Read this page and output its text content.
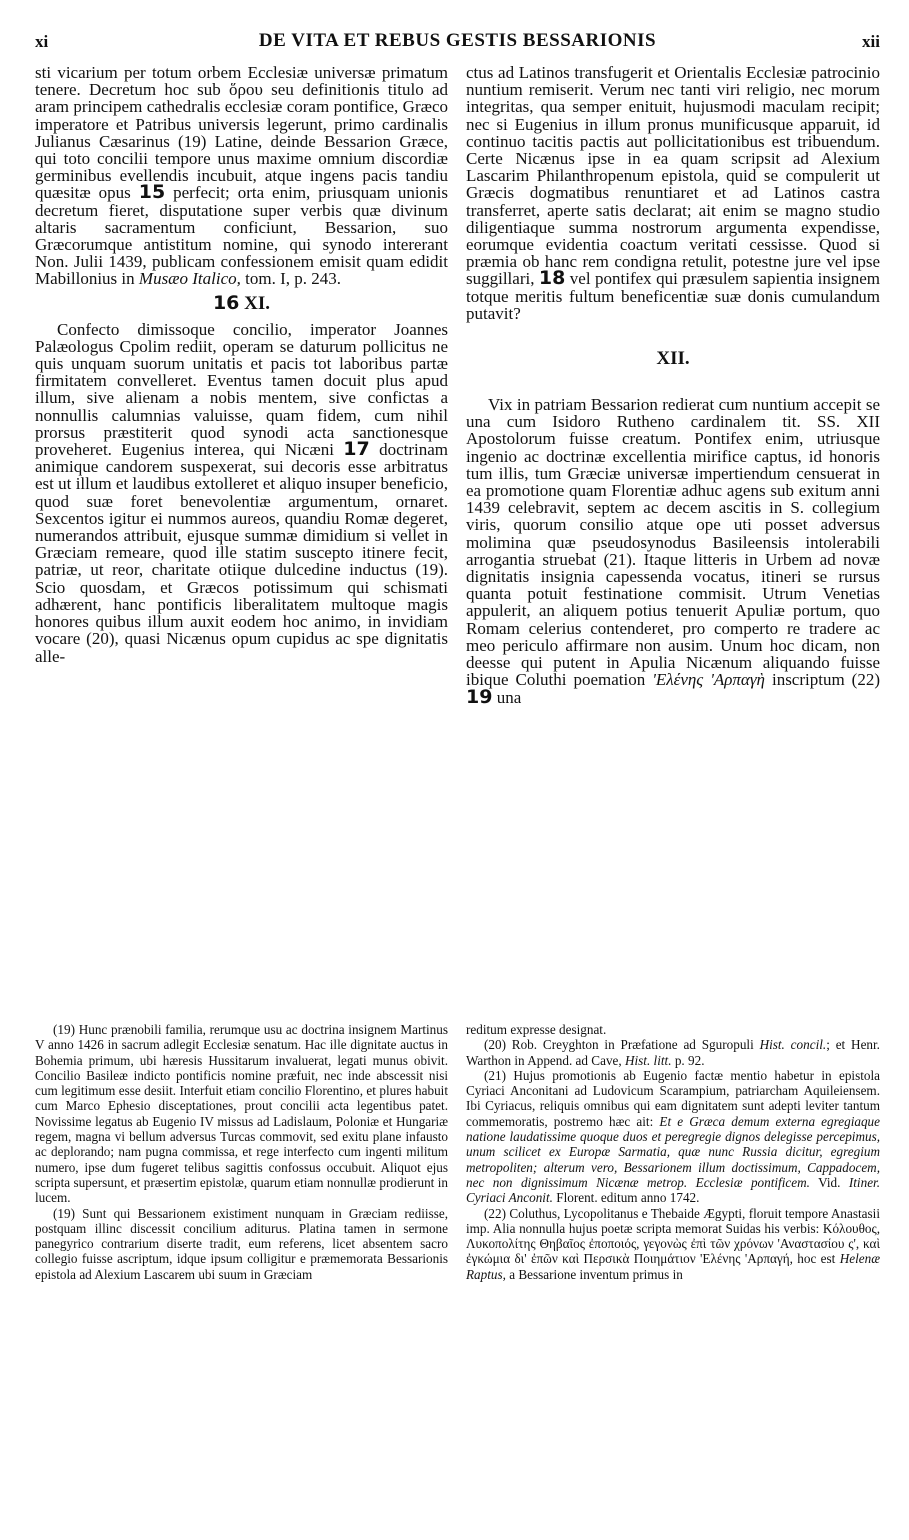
xi	DE VITA ET REBUS GESTIS BESSARIONIS	xii

sti vicarium per totum orbem Ecclesiæ universæ primatum tenere. Decretum hoc sub ὅρου seu definitionis titulo ad aram principem cathedralis ecclesiæ coram pontifice, Græco imperatore et Patribus universis legerunt, primo cardinalis Julianus Cæsarinus (19) Latine, deinde Bessarion Græce, qui toto concilii tempore unus maxime omnium discordiæ germinibus evellendis incubuit, atque ingens pacis tandiu quæsitæ opus 15 perfecit; orta enim, priusquam unionis decretum fieret, disputatione super verbis quæ divinum altaris sacramentum conficiunt, Bessarion, suo Græcorumque antistitum nomine, qui synodo intererant Non. Julii 1439, publicam confessionem emisit quam edidit Mabillonius in Musæo Italico, tom. I, p. 243.

16 XI.

Confecto dimissoque concilio, imperator Joannes Palæologus Cpolim rediit, operam se daturum pollicitus ne quis unquam suorum unitatis et pacis tot laboribus partæ firmitatem convelleret. Eventus tamen docuit plus apud illum, sive alienam a nobis mentem, sive confictas a nonnullis calumnias valuisse, quam fidem, cum nihil prorsus præstiterit quod synodi acta sanctionesque proveheret. Eugenius interea, qui Nicæni 17 doctrinam animique candorem suspexerat, sui decoris esse arbitratus est ut illum et laudibus extolleret et aliquo insuper beneficio, quod suæ foret benevolentiæ argumentum, ornaret. Sexcentos igitur ei nummos aureos, quandiu Romæ degeret, numerandos attribuit, ejusque summæ dimidium si vellet in Græciam remeare, quod ille statim suscepto itinere fecit, patriæ, ut reor, charitate otiique dulcedine inductus (19). Scio quosdam, et Græcos potissimum qui schismati adhærent, hanc pontificis liberalitatem multoque magis honores quibus illum auxit eodem hoc animo, in invidiam vocare (20), quasi Nicænus opum cupidus ac spe dignitatis alle-

ctus ad Latinos transfugerit et Orientalis Ecclesiæ patrocinio nuntium remiserit. Verum nec tanti viri religio, nec morum integritas, qua semper enituit, hujusmodi maculam recipit; nec si Eugenius in illum pronus munificusque apparuit, id continuo tacitis pactis aut pollicitationibus est tribuendum. Certe Nicænus ipse in ea quam scripsit ad Alexium Lascarim Philanthropenum epistola, quid se compulerit ut Græcis dogmatibus renuntiaret et ad Latinos castra transferret, aperte satis declarat; ait enim se magno studio diligentiaque summa nostrorum argumenta expendisse, eorumque evidentia coactum veritati cessisse. Quod si præmia ob hanc rem condigna retulit, potestne jure vel ipse suggillari, 18 vel pontifex qui præsulem sapientia insignem totque meritis fultum beneficentiæ suæ donis cumulandum putavit?

XII.

Vix in patriam Bessarion redierat cum nuntium accepit se una cum Isidoro Rutheno cardinalem tit. SS. XII Apostolorum fuisse creatum. Pontifex enim, utriusque ingenio ac doctrinæ excellentia mirifice captus, id honoris tum illis, tum Græciæ universæ impertiendum censuerat in ea promotione quam Florentiæ adhuc agens sub exitum anni 1439 celebravit, septem ac decem ascitis in S. collegium viris, quorum consilio atque ope uti posset adversus molimina quæ pseudosynodus Basileensis intolerabili arrogantia struebat (21). Itaque litteris in Urbem ad novæ dignitatis insignia capessenda vocatus, itineri se rursus quanta potuit festinatione commisit. Utrum Venetias appulerit, an aliquem potius tenuerit Apuliæ portum, quo Romam celerius contenderet, pro comperto re tradere ac meo periculo affirmare non ausim. Unum hoc dicam, non deesse qui putent in Apulia Nicænum aliquando fuisse ibique Coluthi poemation 'Ελένης 'Αρπαγὴ inscriptum (22) 19 una

(19) Hunc prænobili familia, rerumque usu ac doctrina insignem Martinus V anno 1426 in sacrum adlegit Ecclesiæ senatum. Hac ille dignitate auctus in Bohemia primum, ubi hæresis Hussitarum invaluerat, legati munus obivit. Concilio Basileæ indicto pontificis nomine præfuit, nec inde abscessit nisi cum legitimum esse desiit. Interfuit etiam concilio Florentino, et plures habuit cum Marco Ephesio disceptationes, prout concilii acta legentibus patet. Novissime legatus ab Eugenio IV missus ad Ladislaum, Poloniæ et Hungariæ regem, magna vi bellum adversus Turcas commovit, sed exitu plane infausto ac deplorando; nam pugna commissa, et rege interfecto cum ingenti militum numero, ipse dum fugeret telibus sagittis confossus occubuit. Aliquot ejus scripta supersunt, et præsertim epistolæ, quarum etiam nonnullæ prodierunt in lucem.

(19) Sunt qui Bessarionem existiment nunquam in Græciam rediisse, postquam illinc discessit concilium aditurus. Platina tamen in sermone panegyrico contrarium diserte tradit, eum referens, licet absentem sacro collegio fuisse ascriptum, idque ipsum colligitur e præmemorata Bessarionis epistola ad Alexium Lascarem ubi suum in Græciam

reditum expresse designat.

(20) Rob. Creyghton in Præfatione ad Sguropuli Hist. concil.; et Henr. Warthon in Append. ad Cave, Hist. litt. p. 92.

(21) Hujus promotionis ab Eugenio factæ mentio habetur in epistola Cyriaci Anconitani ad Ludovicum Scarampium, patriarcham Aquileiensem. Ibi Cyriacus, reliquis omnibus qui eam dignitatem sunt adepti leviter tantum commemoratis, postremo hæc ait: Et e Græca demum externa egregiaque natione laudatissime quoque duos et peregregie dignos delegisse percepimus, unum scilicet ex Europæ Sarmatia, quæ nunc Russia dicitur, egregium metropoliten; alterum vero, Bessarionem illum doctissimum, Cappadocem, nec non dignissimum Nicænæ metrop. Ecclesiæ pontificem. Vid. Itiner. Cyriaci Anconit. Florent. editum anno 1742.

(22) Coluthus, Lycopolitanus e Thebaide Ægypti, floruit tempore Anastasii imp. Alia nonnulla hujus poetæ scripta memorat Suidas his verbis: Κόλουθος, Λυκοπολίτης Θηβαῖος ἐποποιός, γεγονὼς ἐπὶ τῶν χρόνων 'Αναστασίου ς', καὶ ἐγκώμια δι' ἐπῶν καὶ Περσικὰ Ποιημάτιον 'Ελένης 'Αρπαγή, hoc est Helenæ Raptus, a Bessarione inventum primus in
